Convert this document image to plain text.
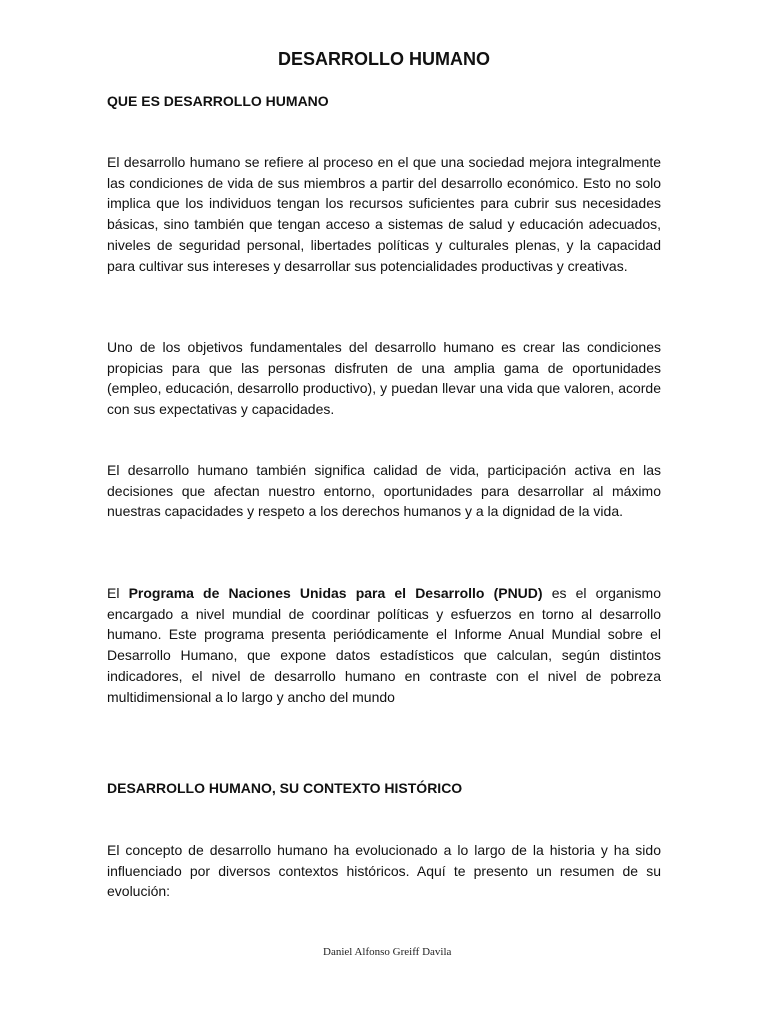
DESARROLLO HUMANO
QUE ES DESARROLLO HUMANO

El desarrollo humano se refiere al proceso en el que una sociedad mejora integralmente las condiciones de vida de sus miembros a partir del desarrollo económico. Esto no solo implica que los individuos tengan los recursos suficientes para cubrir sus necesidades básicas, sino también que tengan acceso a sistemas de salud y educación adecuados, niveles de seguridad personal, libertades políticas y culturales plenas, y la capacidad para cultivar sus intereses y desarrollar sus potencialidades productivas y creativas.

Uno de los objetivos fundamentales del desarrollo humano es crear las condiciones propicias para que las personas disfruten de una amplia gama de oportunidades (empleo, educación, desarrollo productivo), y puedan llevar una vida que valoren, acorde con sus expectativas y capacidades.

El desarrollo humano también significa calidad de vida, participación activa en las decisiones que afectan nuestro entorno, oportunidades para desarrollar al máximo nuestras capacidades y respeto a los derechos humanos y a la dignidad de la vida.

El Programa de Naciones Unidas para el Desarrollo (PNUD) es el organismo encargado a nivel mundial de coordinar políticas y esfuerzos en torno al desarrollo humano. Este programa presenta periódicamente el Informe Anual Mundial sobre el Desarrollo Humano, que expone datos estadísticos que calculan, según distintos indicadores, el nivel de desarrollo humano en contraste con el nivel de pobreza multidimensional a lo largo y ancho del mundo

DESARROLLO HUMANO, SU CONTEXTO HISTÓRICO

El concepto de desarrollo humano ha evolucionado a lo largo de la historia y ha sido influenciado por diversos contextos históricos. Aquí te presento un resumen de su evolución:

Daniel Alfonso Greiff Davila
